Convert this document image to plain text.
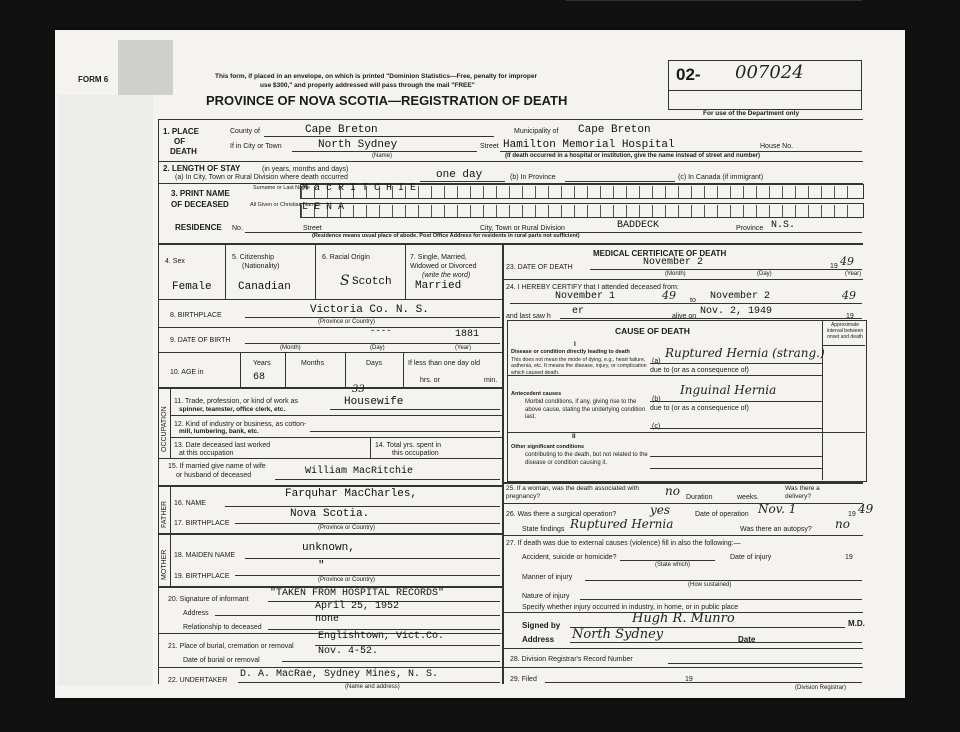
FORM 6	This form, if placed in an envelope, on which is printed "Dominion Statistics—Free, penalty for improper
use $300," and properly addressed will pass through the mail "FREE"
PROVINCE OF NOVA SCOTIA—REGISTRATION OF DEATH
02- 007024
For use of the Department only
1. PLACE
OF
DEATH
County of	Cape Breton	Municipality of Cape Breton
If in City or Town	North Sydney
(Name)
Street Hamilton Memorial Hospital	House No.
(If death occurred in a hospital or institution, give the name instead of street and number)
2. LENGTH OF STAY	(in years, months and days)
(a) In City, Town or Rural Division where death occurred	one day	(b) In Province	(c) In Canada (if immigrant)
3. PRINT NAME
OF DECEASED
Surname or Last Name
All Given or Christian Names
MacRITCHIE
LENA
RESIDENCE No.	Street	City, Town or Rural Division	BADDECK	Province N.S.
(Residence means usual place of abode. Post Office Address for residents in rural parts not sufficient)
4. Sex
Female
5. Citizenship
(Nationality)
Canadian
6. Racial Origin
S Scotch
7. Single, Married,
Widowed or Divorced
(write the word)
Married
8. BIRTHPLACE	Victoria Co. N. S.
(Province or Country)
9. DATE OF BIRTH
----	1881
(Month)	(Day)	(Year)
10. AGE in
Years
68
Months	Days	If less than one day old
hrs. or	min.
OCCUPATION
11. Trade, profession, or kind of work as
spinner, teamster, office clerk, etc.
33
Housewife
12. Kind of industry or business, as cotton-
mill, lumbering, bank, etc.
13. Date deceased last worked
at this occupation
14. Total yrs. spent in
this occupation
15. If married give name of wife
or husband of deceased	William MacRitchie
FATHER 16. NAME
Farquhar MacCharles,
17. BIRTHPLACE
Nova Scotia.
(Province or Country)
MOTHER 18. MAIDEN NAME
unknown,
19. BIRTHPLACE
"
(Province or Country)
20. Signature of informant
"TAKEN FROM HOSPITAL RECORDS"
Address
April 25, 1952
Relationship to deceased
none
21. Place of burial, cremation or removal
Englishtown, Vict.Co.
Date of burial or removal
Nov. 4-52.
22. UNDERTAKER
D. A. MacRae, Sydney Mines, N. S.
(Name and address)
MEDICAL CERTIFICATE OF DEATH
23. DATE OF DEATH	November 2	19 49
(Month)	(Day)	(Year)
24. I HEREBY CERTIFY that I attended deceased from:
November 1	49 to November 2	49
and last saw h er	alive on Nov. 2, 1949	19
CAUSE OF DEATH
Approximate interval between onset and death
I
Disease or condition directly leading to death
This does not mean the mode of dying, e.g., heart failure, asthenia, etc. It means the disease, injury, or complication which caused death.
(a)
Ruptured Hernia (strang.)
due to (or as a consequence of)
Antecedent causes
Morbid conditions, if any, giving rise to the above cause, stating the underlying condition last.
(b)
Inguinal Hernia
due to (or as a consequence of)
(c)
II
Other significant conditions
contributing to the death, but not related to the disease or condition causing it.
25. If a woman, was the death associated with pregnancy?	no Duration	weeks.
Was there a delivery?
26. Was there a surgical operation?	yes	Date of operation Nov. 1	19 49
State findings Ruptured Hernia	Was there an autopsy? no
27. If death was due to external causes (violence) fill in also the following:—
Accident, suicide or homicide?
(State which)
Date of injury	19
Manner of injury
(How sustained)
Nature of injury
Specify whether injury occurred in industry, in home, or in public place
Signed by	Hugh R. Munro	M.D.
Address North Sydney	Date
28. Division Registrar's Record Number
29. Filed	19
(Division Registrar)
